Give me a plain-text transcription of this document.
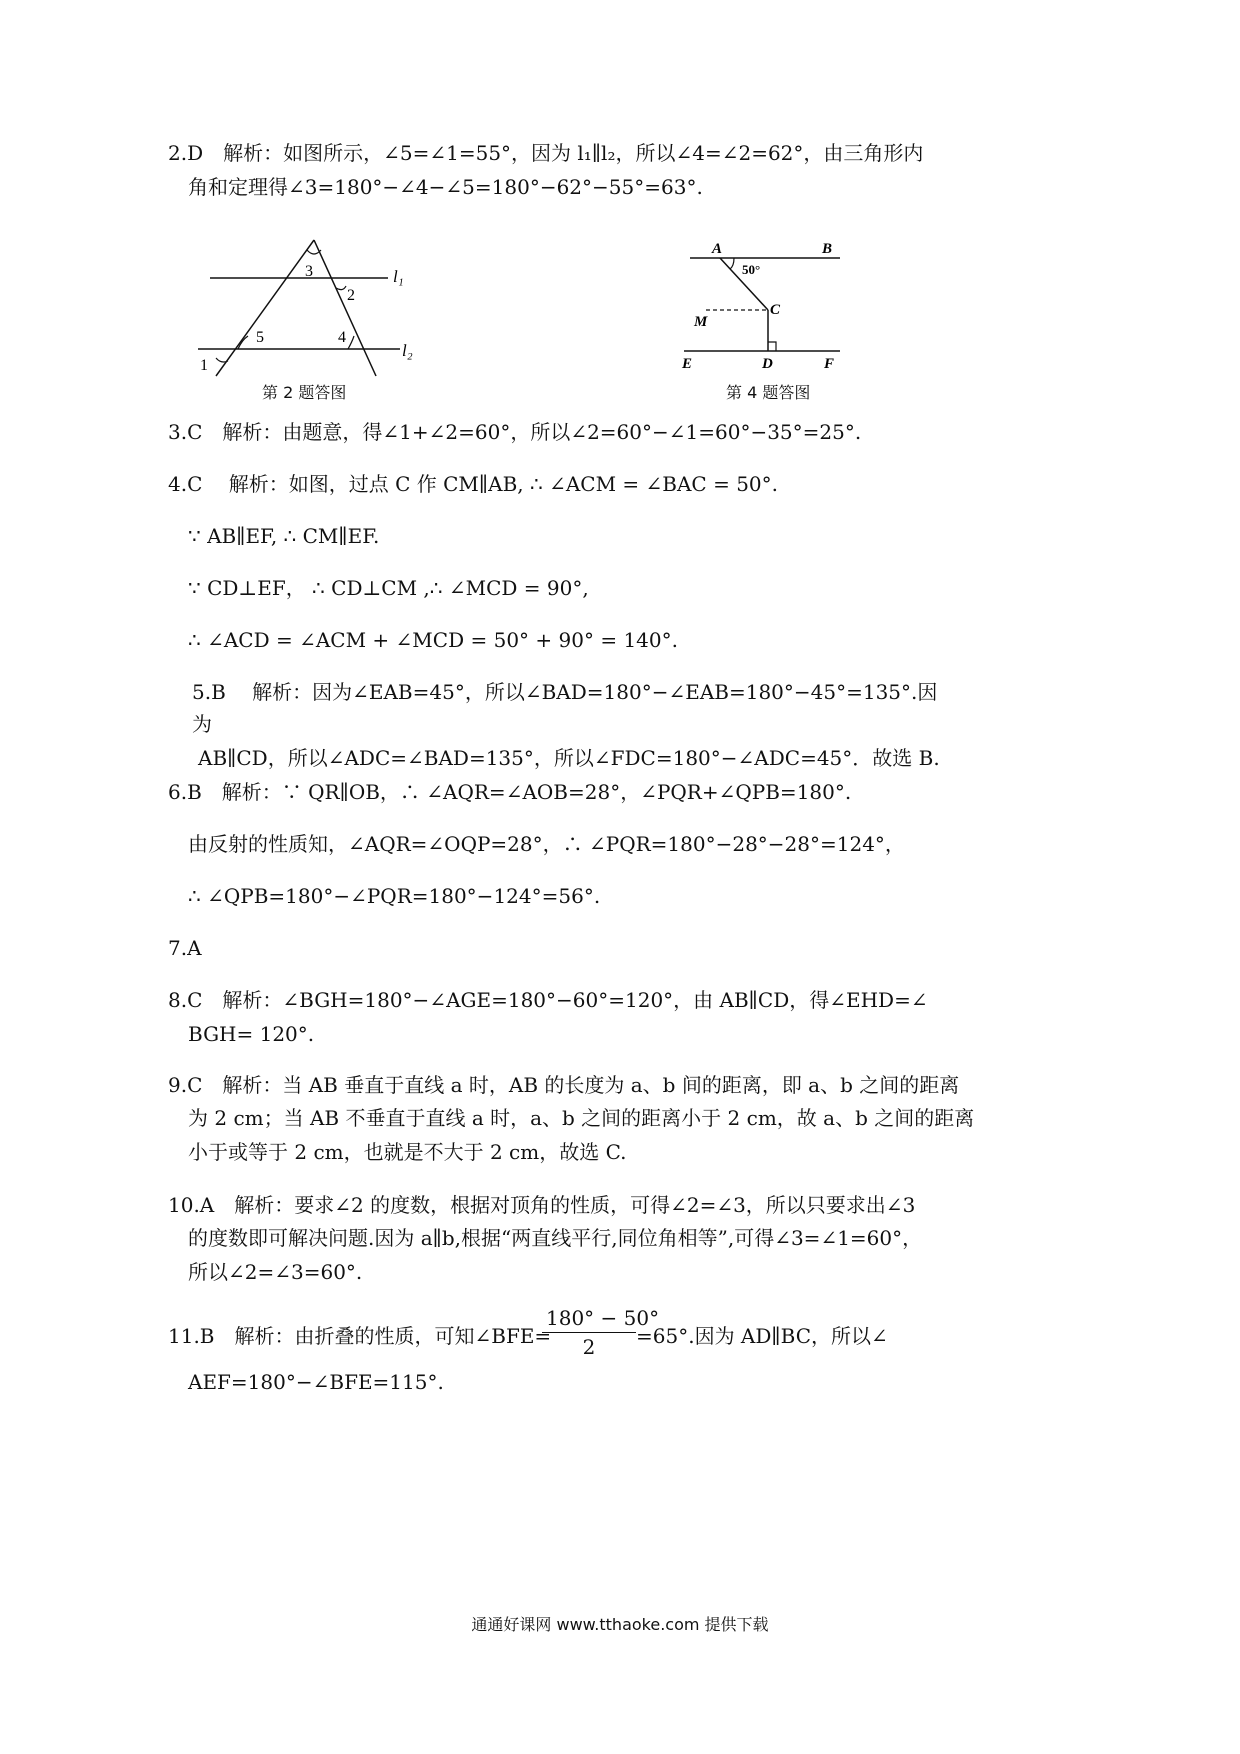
2.D　解析：如图所示，∠5=∠1=55°，因为 l₁∥l₂，所以∠4=∠2=62°，由三角形内
角和定理得∠3=180°−∠4−∠5=180°−62°−55°=63°.
3
2
5	4
1
l₁
l₂
第 2 题答图
A	B
50°
C
M
E	D	F
第 4 题答图
3.C　解析：由题意，得∠1+∠2=60°，所以∠2=60°−∠1=60°−35°=25°.
4.C　 解析：如图，过点 C 作 CM∥AB, ∴ ∠ACM = ∠BAC = 50°.
∵ AB∥EF, ∴ CM∥EF.
∵ CD⊥EF， ∴ CD⊥CM ,∴ ∠MCD = 90°,
∴ ∠ACD = ∠ACM + ∠MCD = 50° + 90° = 140°.
5.B　 解析：因为∠EAB=45°，所以∠BAD=180°−∠EAB=180°−45°=135°.因
为
AB∥CD，所以∠ADC=∠BAD=135°，所以∠FDC=180°−∠ADC=45°．故选 B.
6.B　解析：∵ QR∥OB，∴ ∠AQR=∠AOB=28°，∠PQR+∠QPB=180°.
由反射的性质知，∠AQR=∠OQP=28°，∴ ∠PQR=180°−28°−28°=124°，
∴ ∠QPB=180°−∠PQR=180°−124°=56°.
7.A
8.C　解析：∠BGH=180°−∠AGE=180°−60°=120°，由 AB∥CD，得∠EHD=∠
BGH= 120°.
9.C　解析：当 AB 垂直于直线 a 时，AB 的长度为 a、b 间的距离，即 a、b 之间的距离
为 2 cm；当 AB 不垂直于直线 a 时，a、b 之间的距离小于 2 cm，故 a、b 之间的距离
小于或等于 2 cm，也就是不大于 2 cm，故选 C.
10.A　解析：要求∠2 的度数，根据对顶角的性质，可得∠2=∠3，所以只要求出∠3
的度数即可解决问题.因为 a∥b,根据“两直线平行,同位角相等”,可得∠3=∠1=60°，
所以∠2=∠3=60°.
11.B　解析：由折叠的性质，可知∠BFE=
$\frac{180^\circ - 50^\circ}{2} =65^\circ$.因为 AD∥BC，所以∠
AEF=180°−∠BFE=115°.
通通好课网 www.tthaoke.com 提供下载
